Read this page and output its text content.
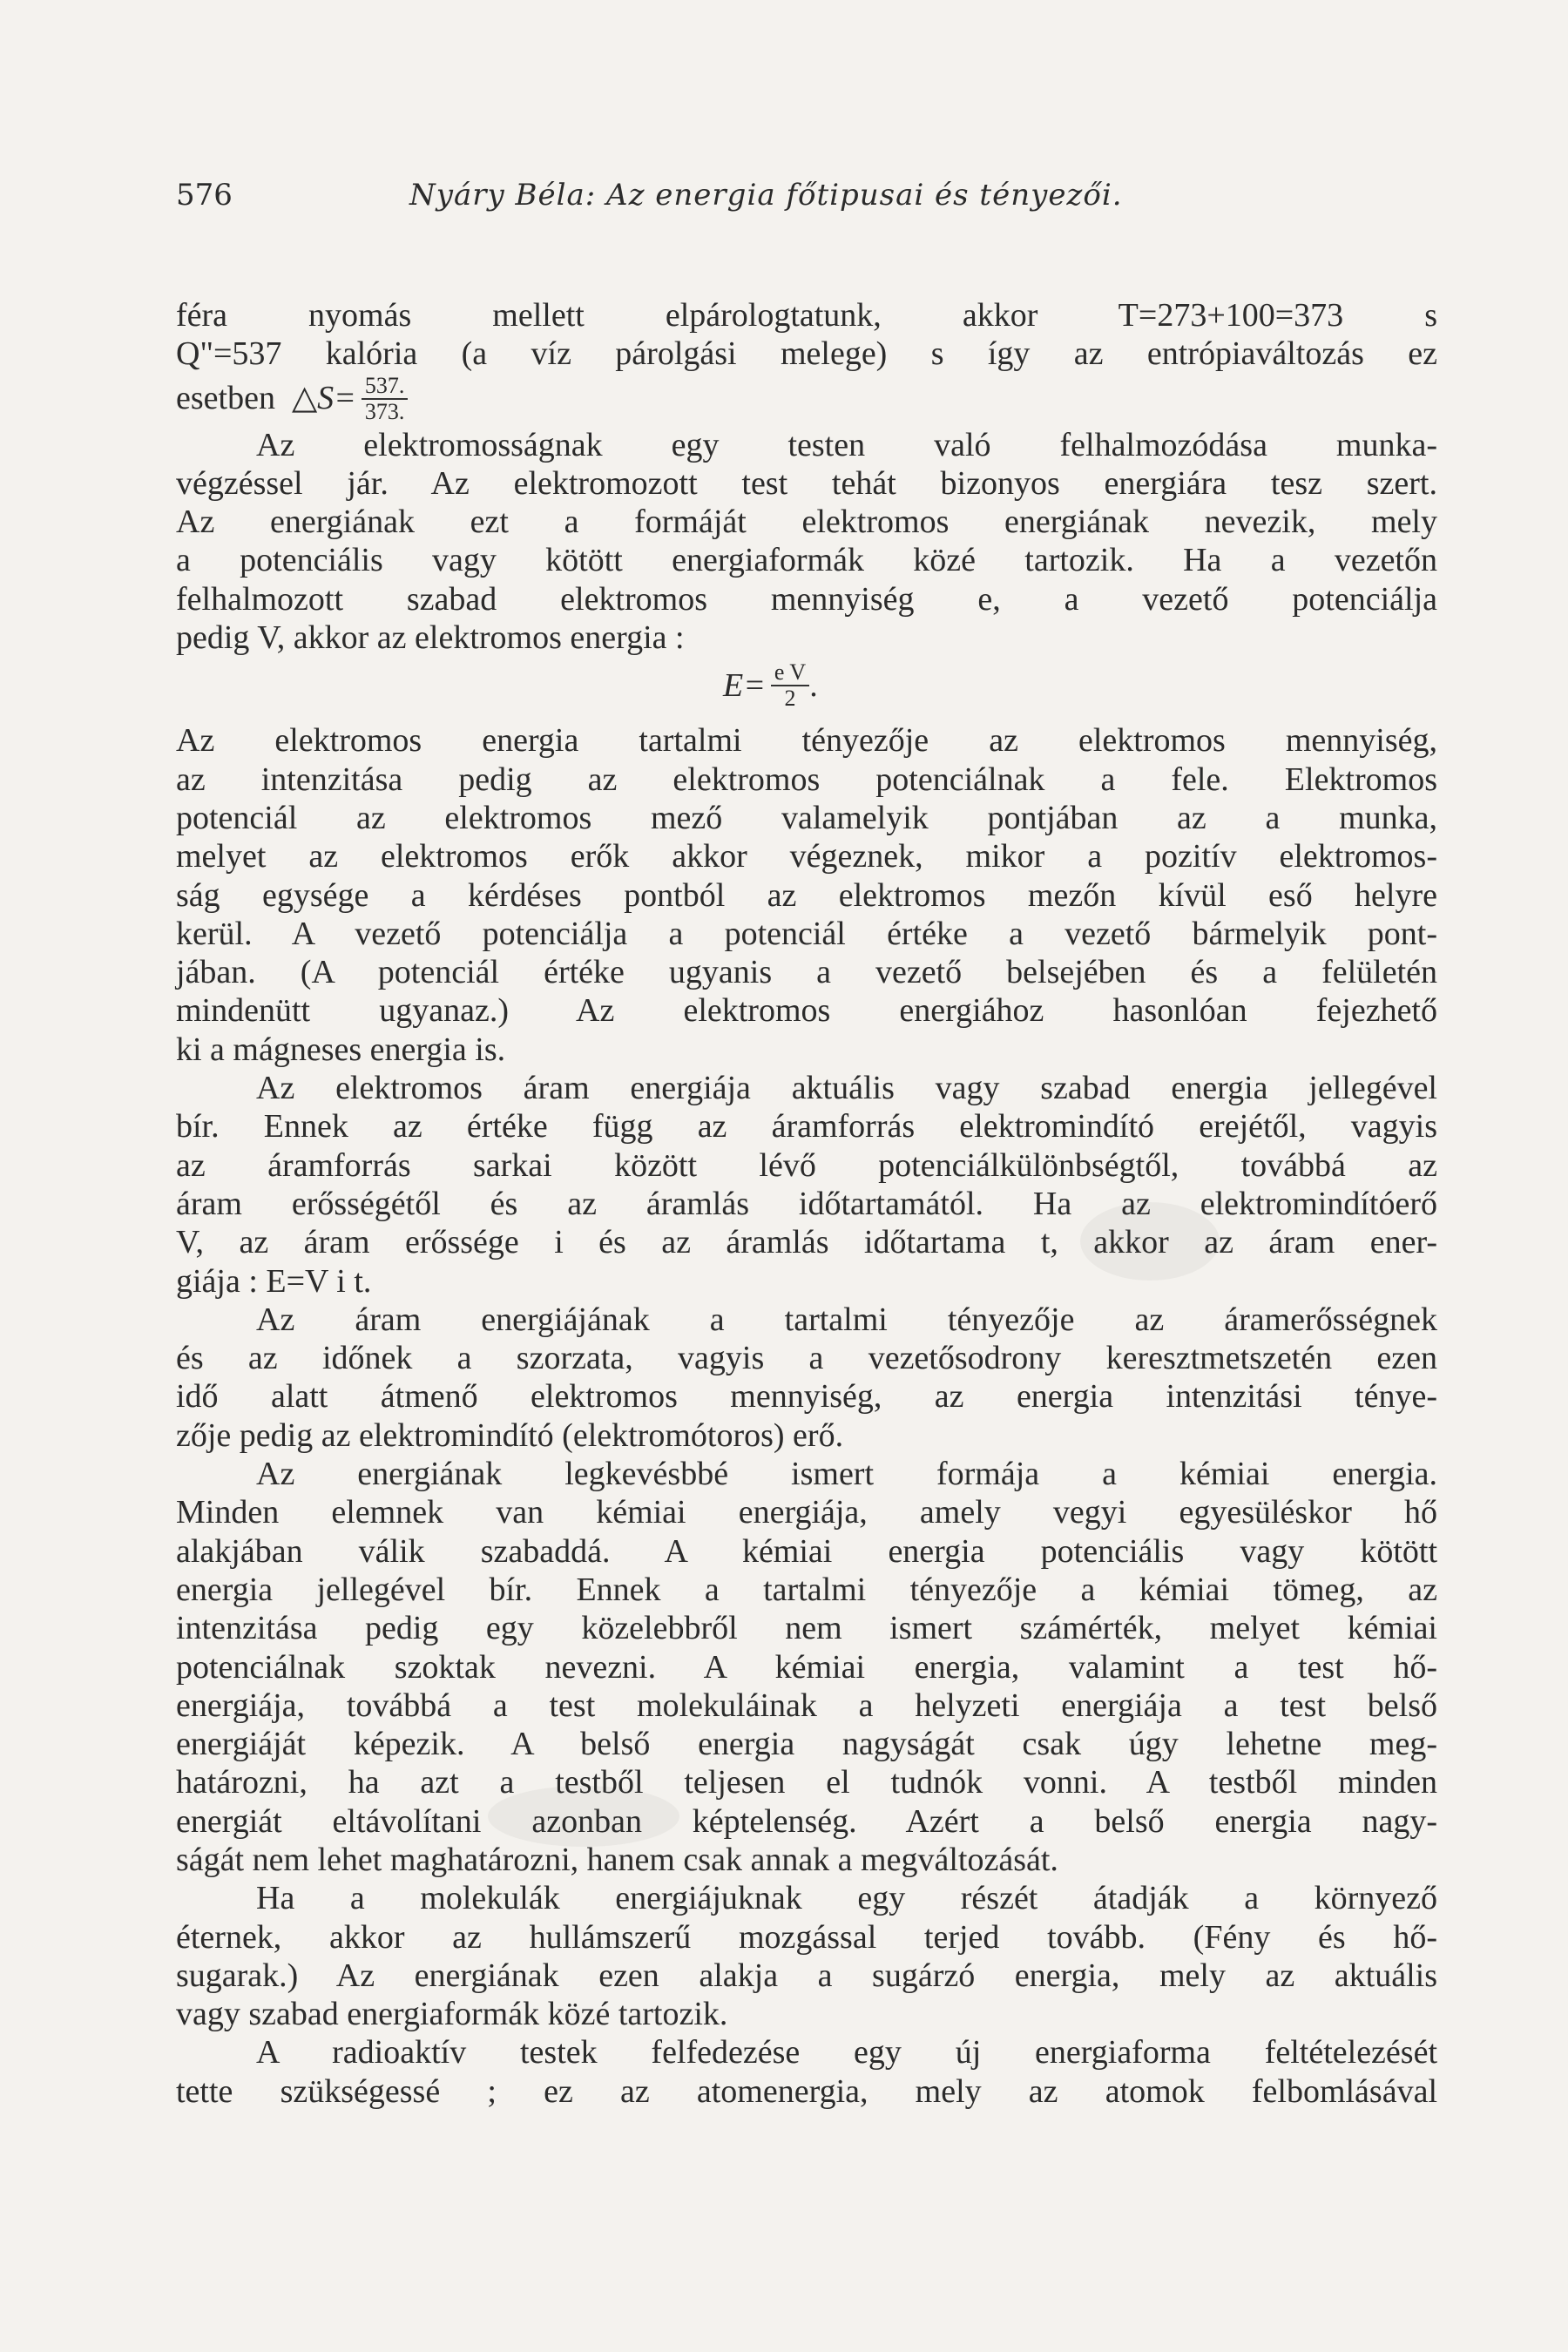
576	Nyáry Béla: Az energia főtipusai és tényezői.
féra nyomás mellett elpárologtatunk, akkor T=273+100=373 s
Q"=537 kalória (a víz párolgási melege) s így az entrópiaváltozás ez
esetben
△S= $\frac{537.}{373.}$
Az elektromosságnak egy testen való felhalmozódása munka-
végzéssel jár. Az elektromozott test tehát bizonyos energiára tesz szert.
Az energiának ezt a formáját elektromos energiának nevezik, mely
a potenciális vagy kötött energiaformák közé tartozik. Ha a vezetőn
felhalmozott szabad elektromos mennyiség e, a vezető potenciálja
pedig V, akkor az elektromos energia :
$E= \frac{\text{e V}}{2}$ .
Az elektromos energia tartalmi tényezője az elektromos mennyiség,
az intenzitása pedig az elektromos potenciálnak a fele. Elektromos
potenciál az elektromos mező valamelyik pontjában az a munka,
melyet az elektromos erők akkor végeznek, mikor a pozitív elektromos-
ság egysége a kérdéses pontból az elektromos mezőn kívül eső helyre
kerül. A vezető potenciálja a potenciál értéke a vezető bármelyik pont-
jában. (A potenciál értéke ugyanis a vezető belsejében és a felületén
mindenütt ugyanaz.) Az elektromos energiához hasonlóan fejezhető
ki a mágneses energia is.
Az elektromos áram energiája aktuális vagy szabad energia jellegével
bír. Ennek az értéke függ az áramforrás elektromindító erejétől, vagyis
az áramforrás sarkai között lévő potenciálkülönbségtől, továbbá az
áram erősségétől és az áramlás időtartamától. Ha az elektromindítóerő
V, az áram erőssége i és az áramlás időtartama t, akkor az áram ener-
giája : E=V i t.
Az áram energiájának a tartalmi tényezője az áramerősségnek
és az időnek a szorzata, vagyis a vezetősodrony keresztmetszetén ezen
idő alatt átmenő elektromos mennyiség, az energia intenzitási ténye-
zője pedig az elektromindító (elektromótoros) erő.
Az energiának legkevésbbé ismert formája a kémiai energia.
Minden elemnek van kémiai energiája, amely vegyi egyesüléskor hő
alakjában válik szabaddá. A kémiai energia potenciális vagy kötött
energia jellegével bír. Ennek a tartalmi tényezője a kémiai tömeg, az
intenzitása pedig egy közelebbről nem ismert számérték, melyet kémiai
potenciálnak szoktak nevezni. A kémiai energia, valamint a test hő-
energiája, továbbá a test molekuláinak a helyzeti energiája a test belső
energiáját képezik. A belső energia nagyságát csak úgy lehetne meg-
határozni, ha azt a testből teljesen el tudnók vonni. A testből minden
energiát eltávolítani azonban képtelenség. Azért a belső energia nagy-
ságát nem lehet maghatározni, hanem csak annak a megváltozását.
Ha a molekulák energiájuknak egy részét átadják a környező
éternek, akkor az hullámszerű mozgással terjed tovább. (Fény és hő-
sugarak.) Az energiának ezen alakja a sugárzó energia, mely az aktuális
vagy szabad energiaformák közé tartozik.
A radioaktív testek felfedezése egy új energiaforma feltételezését
tette szükségessé ; ez az atomenergia, mely az atomok felbomlásával
